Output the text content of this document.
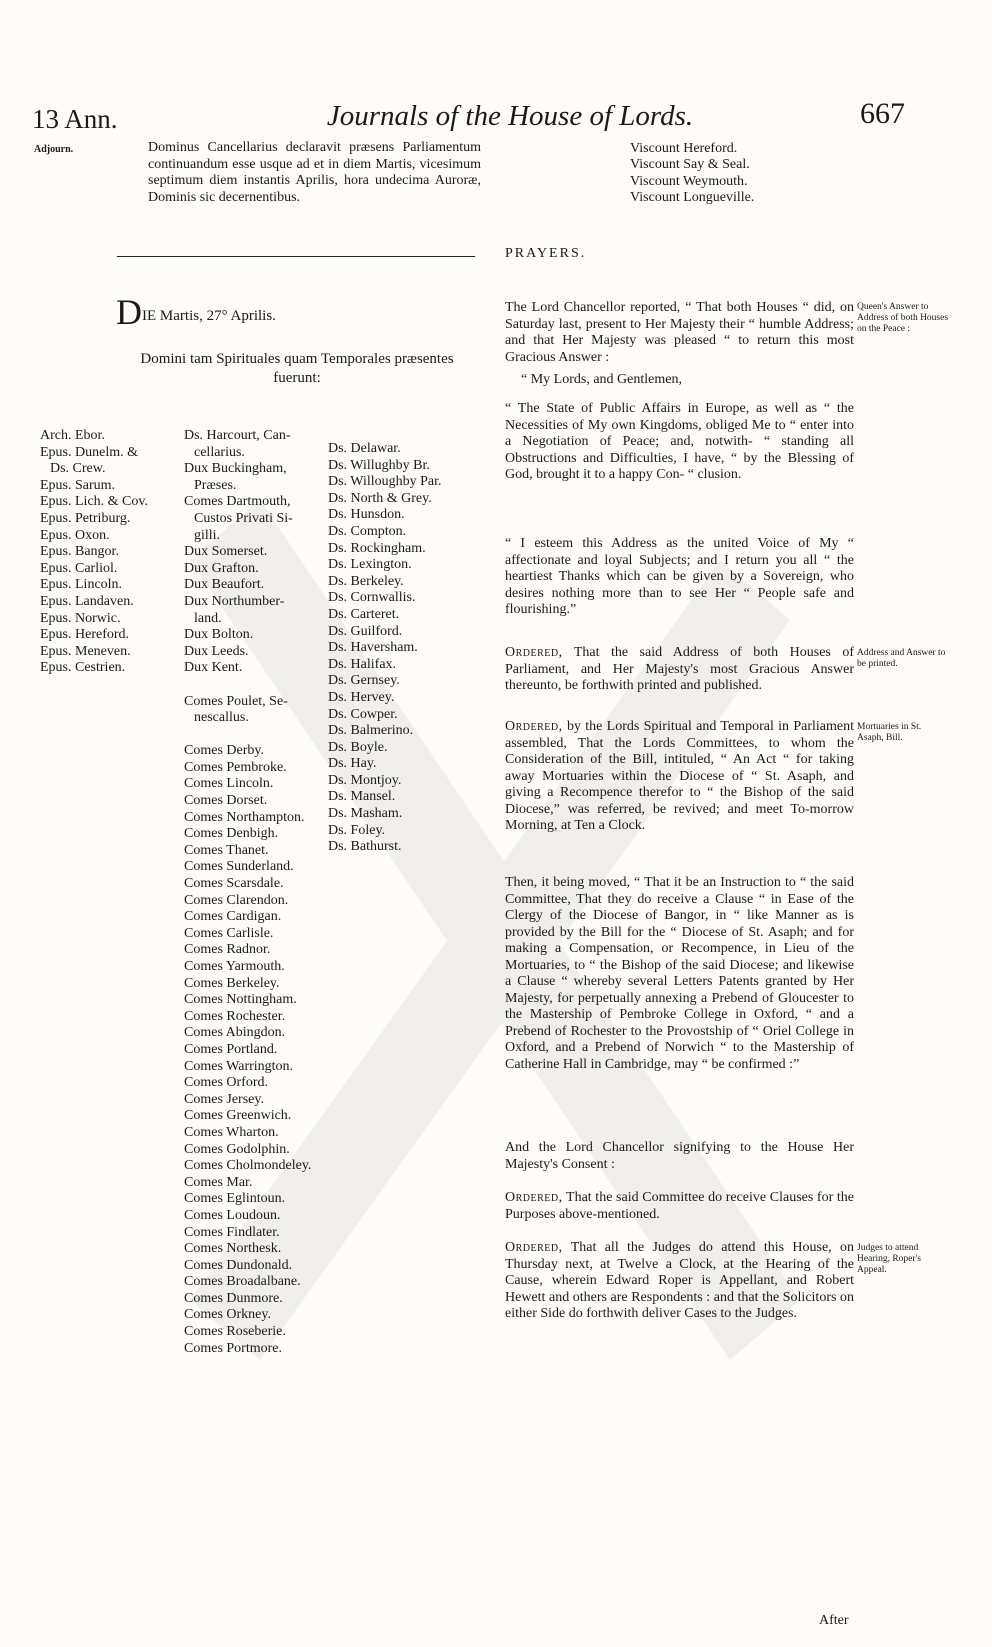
13 Ann.	Journals of the House of Lords.	667
Adjourn.	Dominus Cancellarius declaravit præsens Parliamentum continuandum esse usque ad et in diem Martis, vicesimum septimum diem instantis Aprilis, hora undecima Auroræ, Dominis sic decernentibus.
Viscount Hereford.
Viscount Say & Seal.
Viscount Weymouth.
Viscount Longueville.
PRAYERS.
DIE Martis, 27° Aprilis.
Domini tam Spirituales quam Temporales præsentes fuerunt:
Arch. Ebor.
Epus. Dunelm. &
Ds. Crew.
Epus. Sarum.
Epus. Lich. & Cov.
Epus. Petriburg.
Epus. Oxon.
Epus. Bangor.
Epus. Carliol.
Epus. Lincoln.
Epus. Landaven.
Epus. Norwic.
Epus. Hereford.
Epus. Meneven.
Epus. Cestrien.
Ds. Harcourt, Can-
cellarius.
Dux Buckingham,
Præses.
Comes Dartmouth,
Custos Privati Si-
gilli.
Dux Somerset.
Dux Grafton.
Dux Beaufort.
Dux Northumber-
land.
Dux Bolton.
Dux Leeds.
Dux Kent.
Comes Poulet, Se-
nescallus.
Comes Derby.
Comes Pembroke.
Comes Lincoln.
Comes Dorset.
Comes Northampton.
Comes Denbigh.
Comes Thanet.
Comes Sunderland.
Comes Scarsdale.
Comes Clarendon.
Comes Cardigan.
Comes Carlisle.
Comes Radnor.
Comes Yarmouth.
Comes Berkeley.
Comes Nottingham.
Comes Rochester.
Comes Abingdon.
Comes Portland.
Comes Warrington.
Comes Orford.
Comes Jersey.
Comes Greenwich.
Comes Wharton.
Comes Godolphin.
Comes Cholmondeley.
Comes Mar.
Comes Eglintoun.
Comes Loudoun.
Comes Findlater.
Comes Northesk.
Comes Dundonald.
Comes Broadalbane.
Comes Dunmore.
Comes Orkney.
Comes Roseberie.
Comes Portmore.
Ds. Delawar.
Ds. Willughby Br.
Ds. Willoughby Par.
Ds. North & Grey.
Ds. Hunsdon.
Ds. Compton.
Ds. Rockingham.
Ds. Lexington.
Ds. Berkeley.
Ds. Cornwallis.
Ds. Carteret.
Ds. Guilford.
Ds. Haversham.
Ds. Halifax.
Ds. Gernsey.
Ds. Hervey.
Ds. Cowper.
Ds. Balmerino.
Ds. Boyle.
Ds. Hay.
Ds. Montjoy.
Ds. Mansel.
Ds. Masham.
Ds. Foley.
Ds. Bathurst.
The Lord Chancellor reported, “ That both Houses “ did, on Saturday last, present to Her Majesty their “ humble Address; and that Her Majesty was pleased “ to return this most Gracious Answer :
“ My Lords, and Gentlemen,
“ The State of Public Affairs in Europe, as well as “ the Necessities of My own Kingdoms, obliged Me to “ enter into a Negotiation of Peace; and, notwith- “ standing all Obstructions and Difficulties, I have, “ by the Blessing of God, brought it to a happy Con- “ clusion.
“ I esteem this Address as the united Voice of My “ affectionate and loyal Subjects; and I return you all “ the heartiest Thanks which can be given by a Sovereign, who desires nothing more than to see Her “ People safe and flourishing.”
Ordered, That the said Address of both Houses of Parliament, and Her Majesty's most Gracious Answer thereunto, be forthwith printed and published.
Ordered, by the Lords Spiritual and Temporal in Parliament assembled, That the Lords Committees, to whom the Consideration of the Bill, intituled, “ An Act “ for taking away Mortuaries within the Diocese of “ St. Asaph, and giving a Recompence therefor to “ the Bishop of the said Diocese,” was referred, be revived; and meet To-morrow Morning, at Ten a Clock.
Then, it being moved, “ That it be an Instruction to “ the said Committee, That they do receive a Clause “ in Ease of the Clergy of the Diocese of Bangor, in “ like Manner as is provided by the Bill for the “ Diocese of St. Asaph; and for making a Compensation, or Recompence, in Lieu of the Mortuaries, to “ the Bishop of the said Diocese; and likewise a Clause “ whereby several Letters Patents granted by Her Majesty, for perpetually annexing a Prebend of Gloucester to the Mastership of Pembroke College in Oxford, “ and a Prebend of Rochester to the Provostship of “ Oriel College in Oxford, and a Prebend of Norwich “ to the Mastership of Catherine Hall in Cambridge, may “ be confirmed :”
And the Lord Chancellor signifying to the House Her Majesty's Consent :
Ordered, That the said Committee do receive Clauses for the Purposes above-mentioned.
Ordered, That all the Judges do attend this House, on Thursday next, at Twelve a Clock, at the Hearing of the Cause, wherein Edward Roper is Appellant, and Robert Hewett and others are Respondents : and that the Solicitors on either Side do forthwith deliver Cases to the Judges.
After
Queen's Answer to Address of both Houses on the Peace :
Address and Answer to be printed.
Mortuaries in St. Asaph, Bill.
Judges to attend Hearing, Roper's Appeal.
